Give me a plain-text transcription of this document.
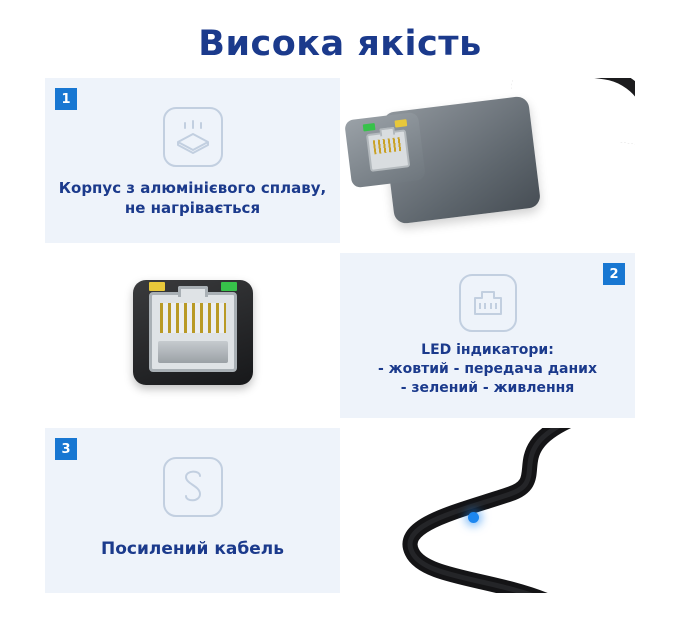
Висока якість
1
Корпус з алюмінієвого сплаву,
не нагрівається
2
LED індикатори:
- жовтий - передача даних
- зелений - живлення
3
Посилений кабель
